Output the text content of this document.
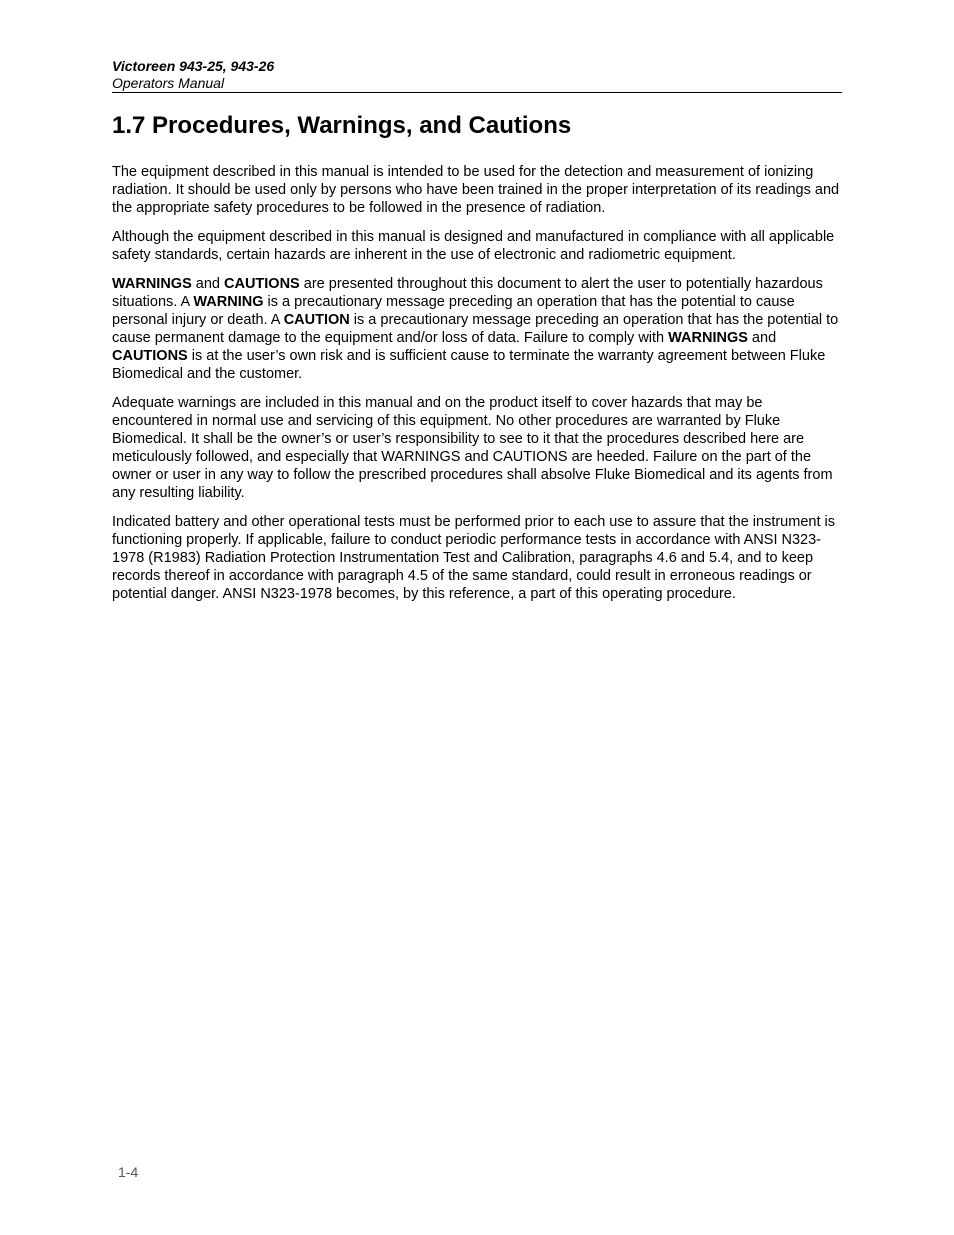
Victoreen 943-25, 943-26
Operators Manual
1.7 Procedures, Warnings, and Cautions

The equipment described in this manual is intended to be used for the detection and measurement of ionizing radiation. It should be used only by persons who have been trained in the proper interpretation of its readings and the appropriate safety procedures to be followed in the presence of radiation.

Although the equipment described in this manual is designed and manufactured in compliance with all applicable safety standards, certain hazards are inherent in the use of electronic and radiometric equipment.

WARNINGS and CAUTIONS are presented throughout this document to alert the user to potentially hazardous situations. A WARNING is a precautionary message preceding an operation that has the potential to cause personal injury or death. A CAUTION is a precautionary message preceding an operation that has the potential to cause permanent damage to the equipment and/or loss of data. Failure to comply with WARNINGS and CAUTIONS is at the user’s own risk and is sufficient cause to terminate the warranty agreement between Fluke Biomedical and the customer.

Adequate warnings are included in this manual and on the product itself to cover hazards that may be encountered in normal use and servicing of this equipment. No other procedures are warranted by Fluke Biomedical. It shall be the owner’s or user’s responsibility to see to it that the procedures described here are meticulously followed, and especially that WARNINGS and CAUTIONS are heeded. Failure on the part of the owner or user in any way to follow the prescribed procedures shall absolve Fluke Biomedical and its agents from any resulting liability.

Indicated battery and other operational tests must be performed prior to each use to assure that the instrument is functioning properly. If applicable, failure to conduct periodic performance tests in accordance with ANSI N323-1978 (R1983) Radiation Protection Instrumentation Test and Calibration, paragraphs 4.6 and 5.4, and to keep records thereof in accordance with paragraph 4.5 of the same standard, could result in erroneous readings or potential danger. ANSI N323-1978 becomes, by this reference, a part of this operating procedure.

1-4
